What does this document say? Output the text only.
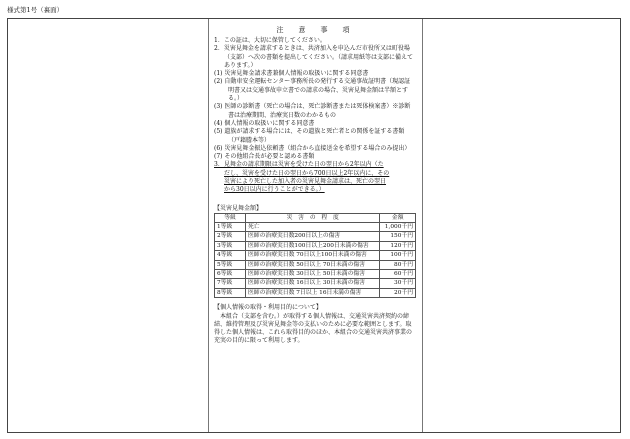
様式第1号（裏面）
注　意　事　項

1．この証は、大切に保管してください。

2．災害見舞金を請求するときは、共済加入を申込んだ市役所又は町役場（支部）へ次の書類を提出してください。（請求用紙等は支部に備えてあります。）

(1) 災害見舞金請求書兼個人情報の取扱いに関する同意書

(2) 自動車安全運転センター事務所長の発行する交通事故証明書（現認証明書又は交通事故申立書での請求の場合、災害見舞金額は半額とする。）

(3) 医師の診断書（死亡の場合は、死亡診断書または死体検案書）※診断書は治療期間、治療実日数のわかるもの

(4) 個人情報の取扱いに関する同意書

(5) 遺族が請求する場合には、その遺族と死亡者との関係を証する書類（戸籍謄本等）

(6) 災害見舞金振込依頼書（組合から直接送金を希望する場合のみ提出）

(7) その他組合長が必要と認める書類

3．見舞金の請求期限は災害を受けた日の翌日から2年以内（た
だし、災害を受けた日の翌日から700日以上2年以内に、その
災害により死亡した加入者の災害見舞金請求は、死亡の翌日
から30日以内に行うことができる。）

【災害見舞金額】
等級	災　害　の　程　度	金額
1等級	死亡	1,000千円
2等級	医師の治療実日数200日以上の傷害	150千円
3等級	医師の治療実日数100日以上200日未満の傷害	120千円
4等級	医師の治療実日数 70日以上100日未満の傷害	100千円
5等級	医師の治療実日数 50日以上 70日未満の傷害	80千円
6等級	医師の治療実日数 30日以上 50日未満の傷害	60千円
7等級	医師の治療実日数 16日以上 30日未満の傷害	30千円
8等級	医師の治療実日数 7日以上 16日未満の傷害	20千円
【個人情報の取得・利用目的について】

本組合（支部を含む。）が取得する個人情報は、交通災害共済契約の締結、維持管理及び災害見舞金等の支払いのために必要な範囲とします。取得した個人情報は、これら取得目的のほか、本組合の交通災害共済事業の充実の目的に限って利用します。
